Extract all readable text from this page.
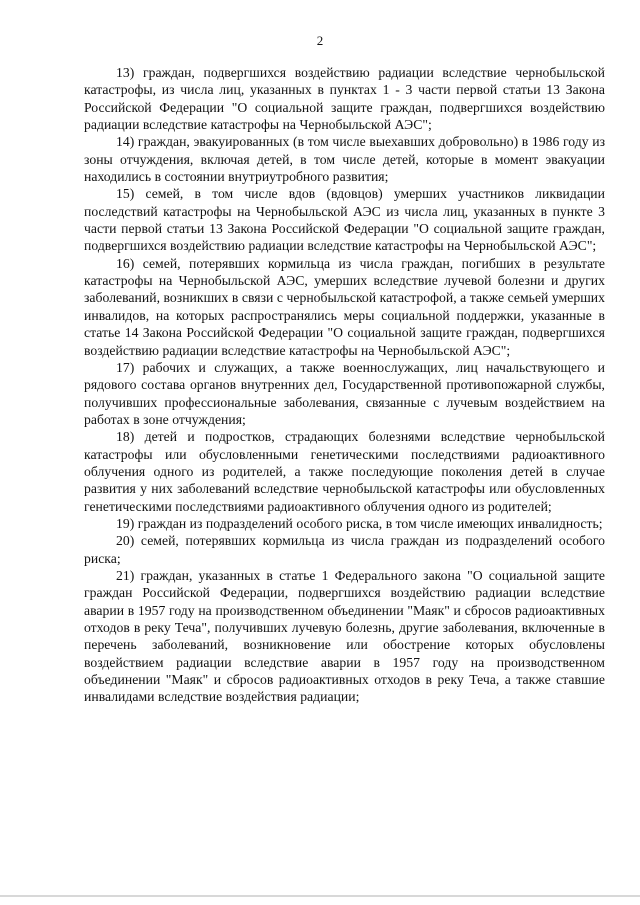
2

13) граждан, подвергшихся воздействию радиации вследствие чернобыльской катастрофы, из числа лиц, указанных в пунктах 1 - 3 части первой статьи 13 Закона Российской Федерации "О социальной защите граждан, подвергшихся воздействию радиации вследствие катастрофы на Чернобыльской АЭС";

14) граждан, эвакуированных (в том числе выехавших добровольно) в 1986 году из зоны отчуждения, включая детей, в том числе детей, которые в момент эвакуации находились в состоянии внутриутробного развития;

15) семей, в том числе вдов (вдовцов) умерших участников ликвидации последствий катастрофы на Чернобыльской АЭС из числа лиц, указанных в пункте 3 части первой статьи 13 Закона Российской Федерации "О социальной защите граждан, подвергшихся воздействию радиации вследствие катастрофы на Чернобыльской АЭС";

16) семей, потерявших кормильца из числа граждан, погибших в результате катастрофы на Чернобыльской АЭС, умерших вследствие лучевой болезни и других заболеваний, возникших в связи с чернобыльской катастрофой, а также семьей умерших инвалидов, на которых распространялись меры социальной поддержки, указанные в статье 14 Закона Российской Федерации "О социальной защите граждан, подвергшихся воздействию радиации вследствие катастрофы на Чернобыльской АЭС";

17) рабочих и служащих, а также военнослужащих, лиц начальствующего и рядового состава органов внутренних дел, Государственной противопожарной службы, получивших профессиональные заболевания, связанные с лучевым воздействием на работах в зоне отчуждения;

18) детей и подростков, страдающих болезнями вследствие чернобыльской катастрофы или обусловленными генетическими последствиями радиоактивного облучения одного из родителей, а также последующие поколения детей в случае развития у них заболеваний вследствие чернобыльской катастрофы или обусловленных генетическими последствиями радиоактивного облучения одного из родителей;

19) граждан из подразделений особого риска, в том числе имеющих инвалидность;

20) семей, потерявших кормильца из числа граждан из подразделений особого риска;

21) граждан, указанных в статье 1 Федерального закона "О социальной защите граждан Российской Федерации, подвергшихся воздействию радиации вследствие аварии в 1957 году на производственном объединении "Маяк" и сбросов радиоактивных отходов в реку Теча", получивших лучевую болезнь, другие заболевания, включенные в перечень заболеваний, возникновение или обострение которых обусловлены воздействием радиации вследствие аварии в 1957 году на производственном объединении "Маяк" и сбросов радиоактивных отходов в реку Теча, а также ставшие инвалидами вследствие воздействия радиации;
